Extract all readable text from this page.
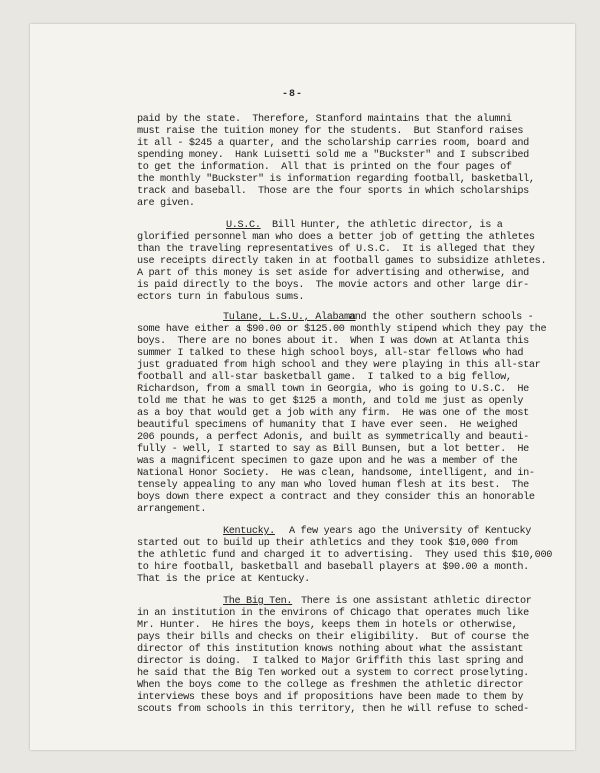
-8-
paid by the state.  Therefore, Stanford maintains that the alumni
must raise the tuition money for the students.  But Stanford raises
it all - $245 a quarter, and the scholarship carries room, board and
spending money.  Hank Luisetti sold me a "Buckster" and I subscribed
to get the information.  All that is printed on the four pages of
the monthly "Buckster" is information regarding football, basketball,
track and baseball.  Those are the four sports in which scholarships
are given.
U.S.C. Bill Hunter, the athletic director, is a
glorified personnel man who does a better job of getting the athletes
than the traveling representatives of U.S.C.  It is alleged that they
use receipts directly taken in at football games to subsidize athletes.
A part of this money is set aside for advertising and otherwise, and
is paid directly to the boys.  The movie actors and other large dir-
ectors turn in fabulous sums.
Tulane, L.S.U., Alabama
and the other southern schools -
some have either a $90.00 or $125.00 monthly stipend which they pay the
boys.  There are no bones about it.  When I was down at Atlanta this
summer I talked to these high school boys, all-star fellows who had
just graduated from high school and they were playing in this all-star
football and all-star basketball game.  I talked to a big fellow,
Richardson, from a small town in Georgia, who is going to U.S.C.  He
told me that he was to get $125 a month, and told me just as openly
as a boy that would get a job with any firm.  He was one of the most
beautiful specimens of humanity that I have ever seen.  He weighed
206 pounds, a perfect Adonis, and built as symmetrically and beauti-
fully - well, I started to say as Bill Bunsen, but a lot better.  He
was a magnificent specimen to gaze upon and he was a member of the
National Honor Society.  He was clean, handsome, intelligent, and in-
tensely appealing to any man who loved human flesh at its best.  The
boys down there expect a contract and they consider this an honorable
arrangement.
Kentucky. A few years ago the University of Kentucky
started out to build up their athletics and they took $10,000 from
the athletic fund and charged it to advertising.  They used this $10,000
to hire football, basketball and baseball players at $90.00 a month.
That is the price at Kentucky.
The Big Ten. There is one assistant athletic director
in an institution in the environs of Chicago that operates much like
Mr. Hunter.  He hires the boys, keeps them in hotels or otherwise,
pays their bills and checks on their eligibility.  But of course the
director of this institution knows nothing about what the assistant
director is doing.  I talked to Major Griffith this last spring and
he said that the Big Ten worked out a system to correct proselyting.
When the boys come to the college as freshmen the athletic director
interviews these boys and if propositions have been made to them by
scouts from schools in this territory, then he will refuse to sched-
